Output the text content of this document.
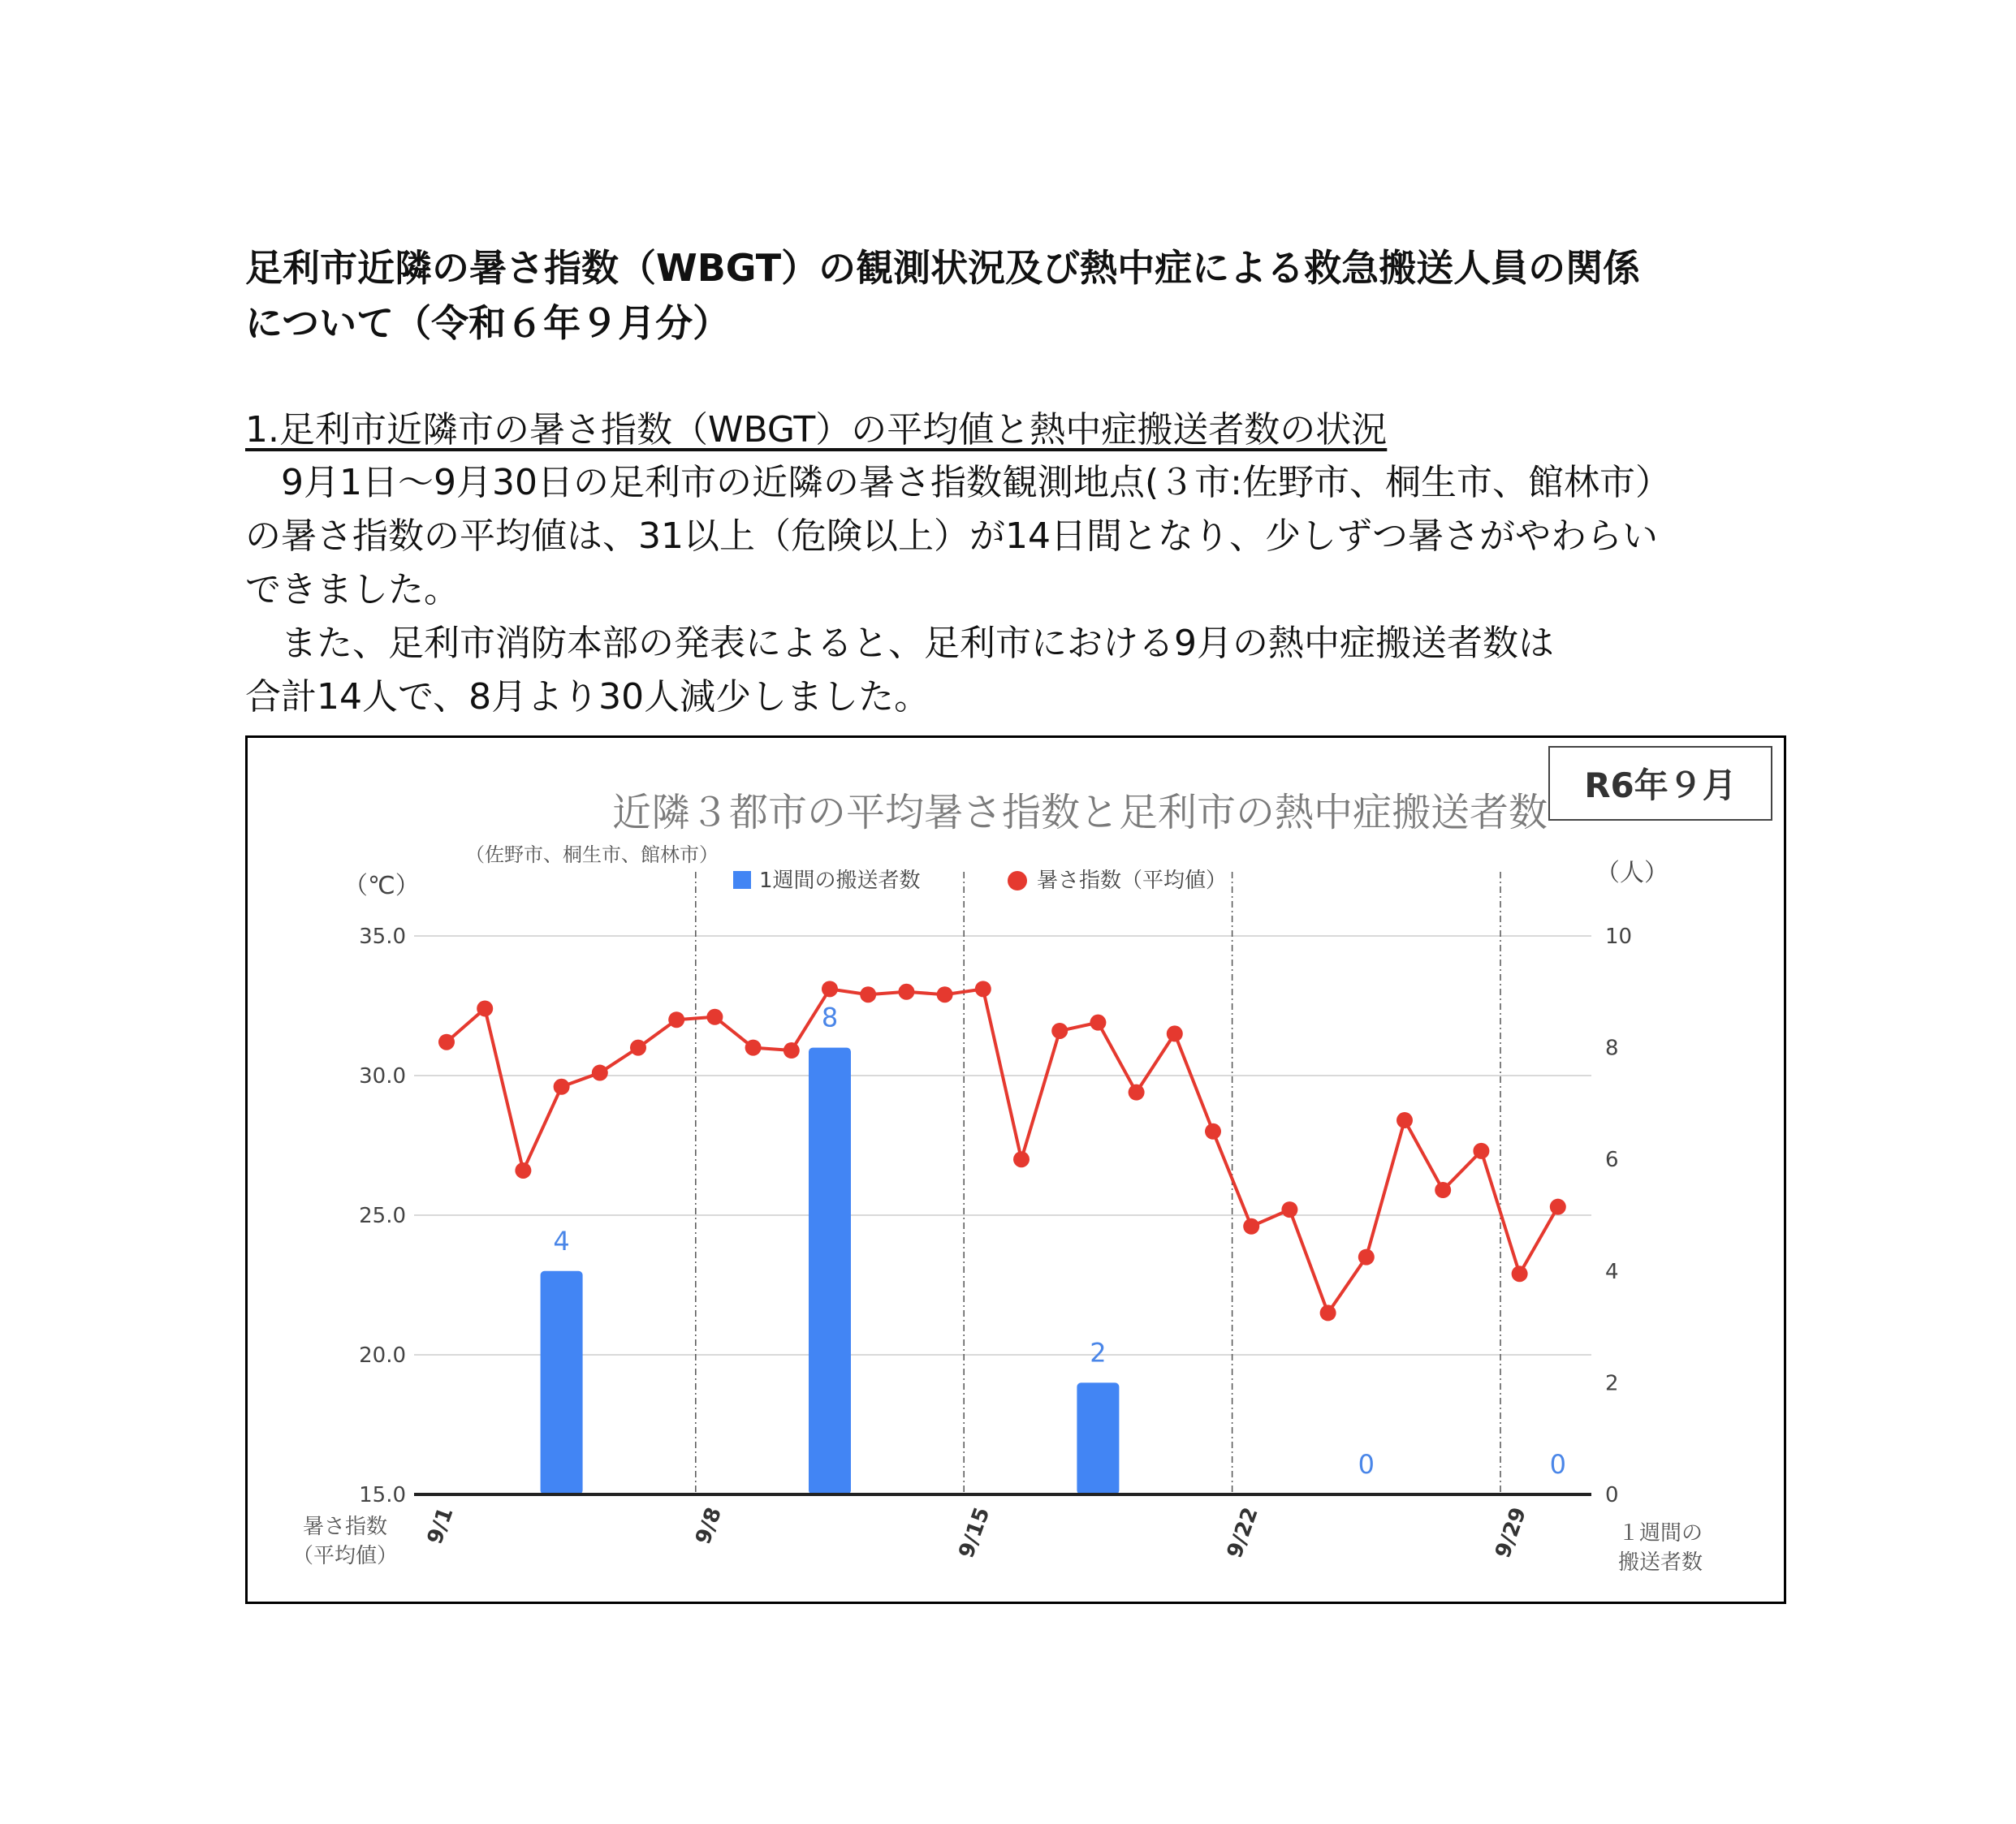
足利市近隣の暑さ指数（WBGT）の観測状況及び熱中症による救急搬送人員の関係
について（令和６年９月分）
1.足利市近隣市の暑さ指数（WBGT）の平均値と熱中症搬送者数の状況
　9月1日～9月30日の足利市の近隣の暑さ指数観測地点(３市:佐野市、桐生市、館林市）
の暑さ指数の平均値は、31以上（危険以上）が14日間となり、少しずつ暑さがやわらい
できました。
　また、足利市消防本部の発表によると、足利市における9月の熱中症搬送者数は
合計14人で、8月より30人減少しました。
近隣３都市の平均暑さ指数と足利市の熱中症搬送者数
（佐野市、桐生市、館林市）
（℃）	（人）
1週間の搬送者数	暑さ指数（平均値）
35.0
30.0
25.0
20.0
15.0
10
8
6
4
2
0
4
8
2
0	0
9/1	9/8	9/15	9/22	9/29
暑さ指数
（平均値）
１週間の
搬送者数
R6年９月
